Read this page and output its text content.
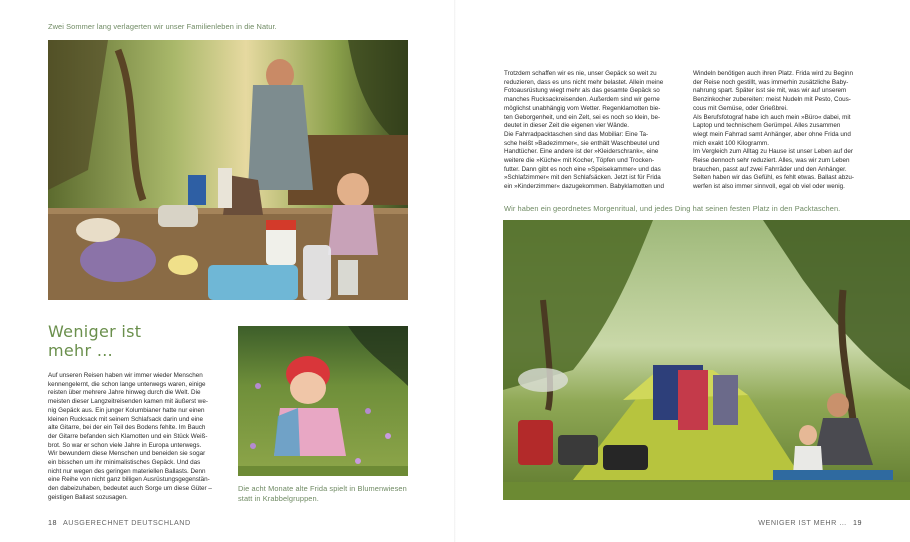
Zwei Sommer lang verlagerten wir unser Familienleben in die Natur.
Weniger ist
mehr …

Auf unseren Reisen haben wir immer wieder Menschen

kennengelernt, die schon lange unterwegs waren, einige

reisten über mehrere Jahre hinweg durch die Welt. Die

meisten dieser Langzeitreisenden kamen mit äußerst we-

nig Gepäck aus. Ein junger Kolumbianer hatte nur einen

kleinen Rucksack mit seinem Schlafsack darin und eine

alte Gitarre, bei der ein Teil des Bodens fehlte. Im Bauch

der Gitarre befanden sich Klamotten und ein Stück Weiß-

brot. So war er schon viele Jahre in Europa unterwegs.

Wir bewundern diese Menschen und beneiden sie sogar

ein bisschen um ihr minimalistisches Gepäck. Und das

nicht nur wegen des geringen materiellen Ballasts. Denn

eine Reihe von nicht ganz billigen Ausrüstungsgegenstän-

den dabeizuhaben, bedeutet auch Sorge um diese Güter –

geistigen Ballast sozusagen.

Die acht Monate alte Frida spielt in Blumenwiesen
statt in Krabbelgruppen.
18 AUSGERECHNET DEUTSCHLAND

Trotzdem schaffen wir es nie, unser Gepäck so weit zu

reduzieren, dass es uns nicht mehr belastet. Allein meine

Fotoausrüstung wiegt mehr als das gesamte Gepäck so

manches Rucksackreisenden. Außerdem sind wir gerne

möglichst unabhängig vom Wetter. Regenklamotten bie-

ten Geborgenheit, und ein Zelt, sei es noch so klein, be-

deutet in dieser Zeit die eigenen vier Wände.

Die Fahrradpacktaschen sind das Mobiliar: Eine Ta-

sche heißt »Badezimmer«, sie enthält Waschbeutel und

Handtücher. Eine andere ist der »Kleiderschrank«, eine

weitere die »Küche« mit Kocher, Töpfen und Trocken-

futter. Dann gibt es noch eine »Speisekammer« und das

»Schlafzimmer« mit den Schlafsäcken. Jetzt ist für Frida

ein »Kinderzimmer« dazugekommen. Babyklamotten und

Windeln benötigen auch ihren Platz. Frida wird zu Beginn

der Reise noch gestillt, was immerhin zusätzliche Baby-

nahrung spart. Später isst sie mit, was wir auf unserem

Benzinkocher zubereiten: meist Nudeln mit Pesto, Cous-

cous mit Gemüse, oder Grießbrei.

Als Berufsfotograf habe ich auch mein »Büro« dabei, mit

Laptop und technischem Gerümpel. Alles zusammen

wiegt mein Fahrrad samt Anhänger, aber ohne Frida und

mich exakt 100 Kilogramm.

Im Vergleich zum Alltag zu Hause ist unser Leben auf der

Reise dennoch sehr reduziert. Alles, was wir zum Leben

brauchen, passt auf zwei Fahrräder und den Anhänger.

Selten haben wir das Gefühl, es fehlt etwas. Ballast abzu-

werfen ist also immer sinnvoll, egal ob viel oder wenig.

Wir haben ein geordnetes Morgenritual, und jedes Ding hat seinen festen Platz in den Packtaschen.
WENIGER IST MEHR … 19
